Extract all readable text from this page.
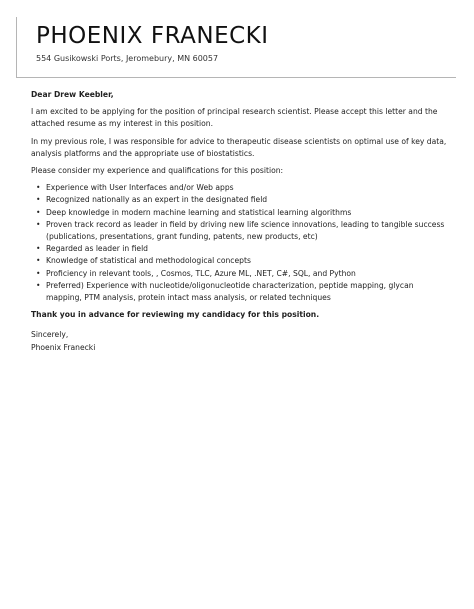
PHOENIX FRANECKI
554 Gusikowski Ports, Jeromebury, MN 60057

Dear Drew Keebler,

I am excited to be applying for the position of principal research scientist. Please accept this letter and the attached resume as my interest in this position.

In my previous role, I was responsible for advice to therapeutic disease scientists on optimal use of key data, analysis platforms and the appropriate use of biostatistics.

Please consider my experience and qualifications for this position:

• Experience with User Interfaces and/or Web apps
• Recognized nationally as an expert in the designated field
• Deep knowledge in modern machine learning and statistical learning algorithms
• Proven track record as leader in field by driving new life science innovations, leading to tangible success (publications, presentations, grant funding, patents, new products, etc)
• Regarded as leader in field
• Knowledge of statistical and methodological concepts
• Proficiency in relevant tools, , Cosmos, TLC, Azure ML, .NET, C#, SQL, and Python
• Preferred) Experience with nucleotide/oligonucleotide characterization, peptide mapping, glycan mapping, PTM analysis, protein intact mass analysis, or related techniques

Thank you in advance for reviewing my candidacy for this position.

Sincerely,

Phoenix Franecki
